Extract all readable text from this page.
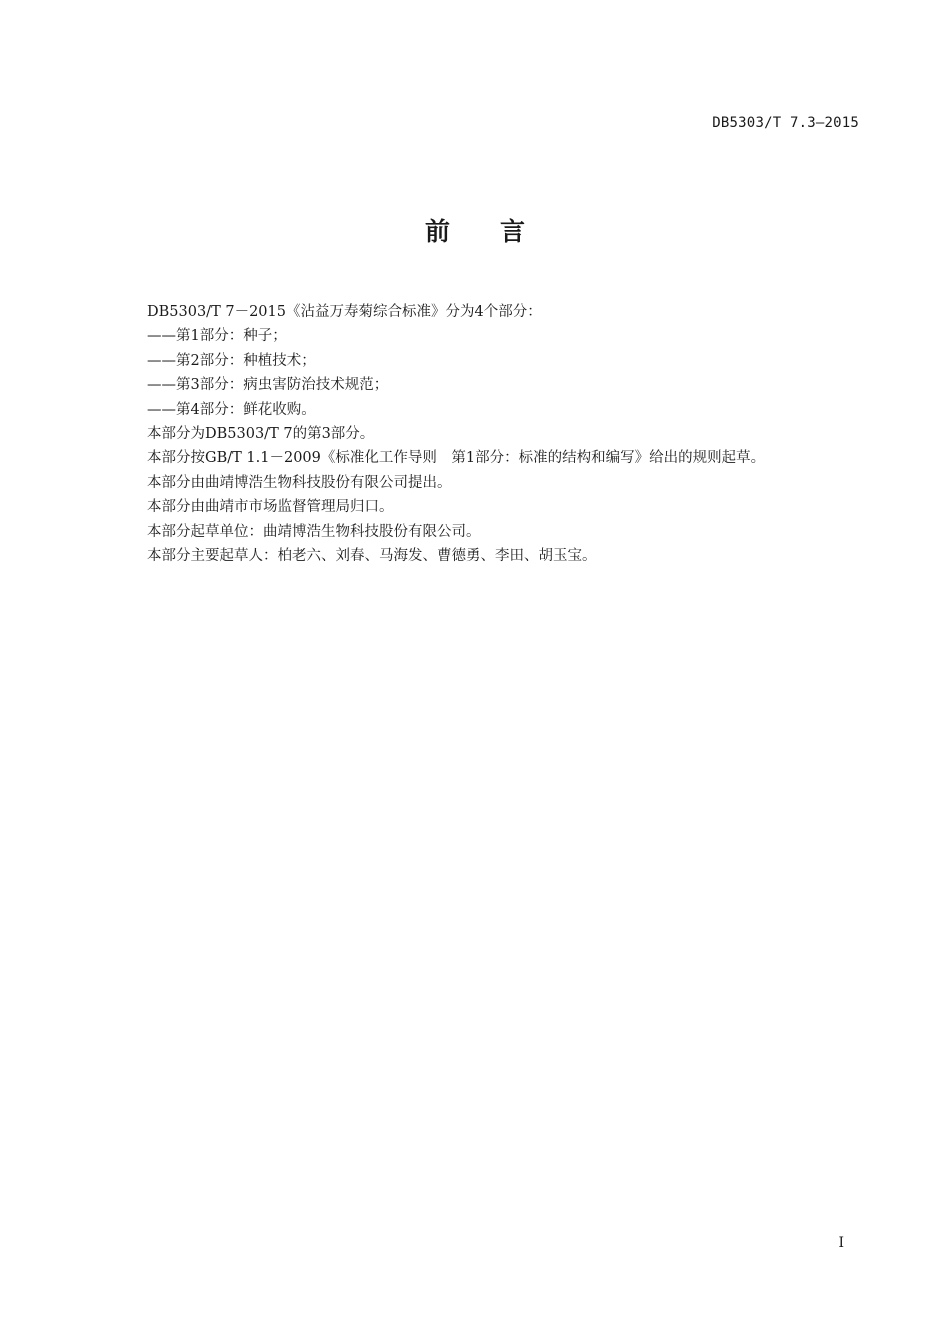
DB5303/T 7.3—2015
前 言

DB5303/T 7－2015《沾益万寿菊综合标准》分为4个部分：

——第1部分：种子；

——第2部分：种植技术；

——第3部分：病虫害防治技术规范；

——第4部分：鲜花收购。

本部分为DB5303/T 7的第3部分。

本部分按GB/T 1.1－2009《标准化工作导则　第1部分：标准的结构和编写》给出的规则起草。

本部分由曲靖博浩生物科技股份有限公司提出。

本部分由曲靖市市场监督管理局归口。

本部分起草单位：曲靖博浩生物科技股份有限公司。

本部分主要起草人：柏老六、刘春、马海发、曹德勇、李田、胡玉宝。

I
